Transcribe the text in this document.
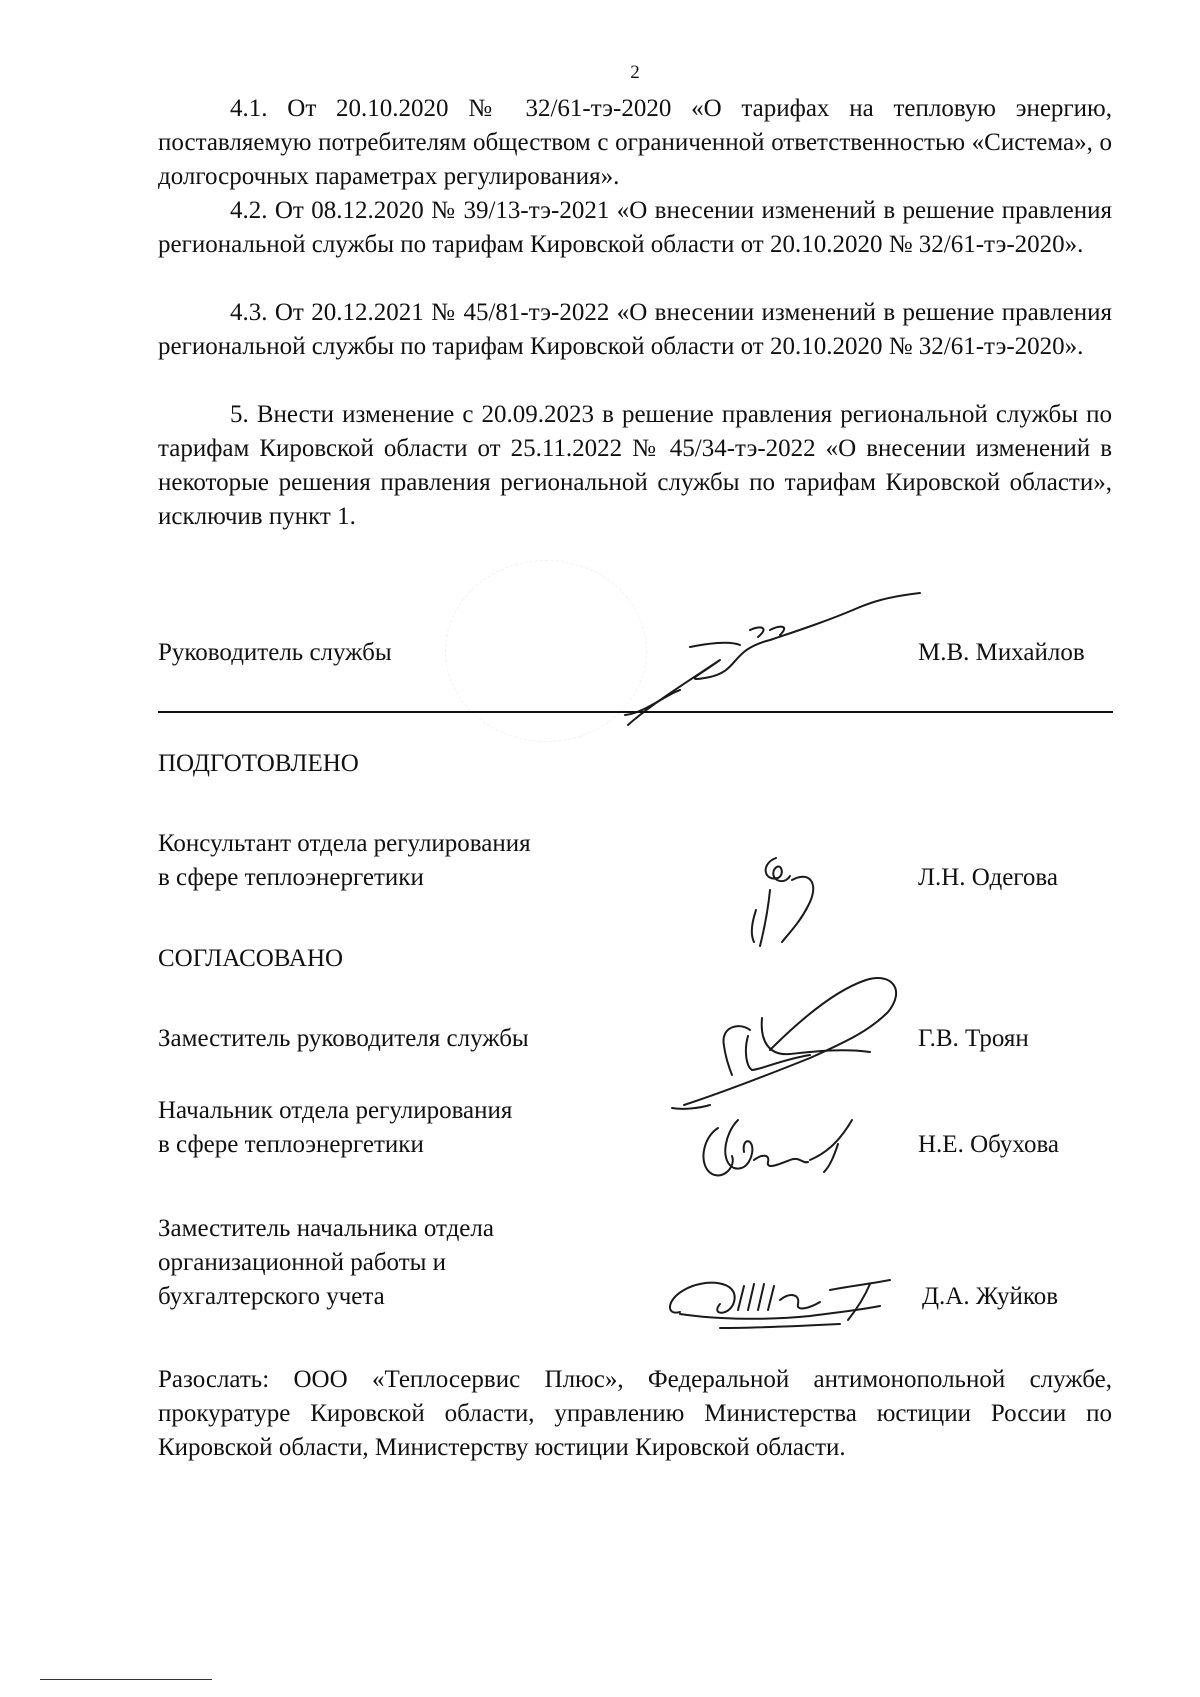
2
4.1. От 20.10.2020 № 32/61-тэ-2020 «О тарифах на тепловую энергию, поставляемую потребителям обществом с ограниченной ответственностью «Система», о долгосрочных параметрах регулирования».
4.2. От 08.12.2020 № 39/13-тэ-2021 «О внесении изменений в решение правления региональной службы по тарифам Кировской области от 20.10.2020 № 32/61-тэ-2020».
4.3. От 20.12.2021 № 45/81-тэ-2022 «О внесении изменений в решение правления региональной службы по тарифам Кировской области от 20.10.2020 № 32/61-тэ-2020».
5. Внести изменение с 20.09.2023 в решение правления региональной службы по тарифам Кировской области от 25.11.2022 № 45/34-тэ-2022 «О внесении изменений в некоторые решения правления региональной службы по тарифам Кировской области», исключив пункт 1.
Руководитель службы	М.В. Михайлов
ПОДГОТОВЛЕНО
Консультант отдела регулирования
в сфере теплоэнергетики	Л.Н. Одегова
СОГЛАСОВАНО
Заместитель руководителя службы	Г.В. Троян
Начальник отдела регулирования
в сфере теплоэнергетики	Н.Е. Обухова
Заместитель начальника отдела
организационной работы и
бухгалтерского учета	Д.А. Жуйков
Разослать: ООО «Теплосервис Плюс», Федеральной антимонопольной службе, прокуратуре Кировской области, управлению Министерства юстиции России по Кировской области, Министерству юстиции Кировской области.
